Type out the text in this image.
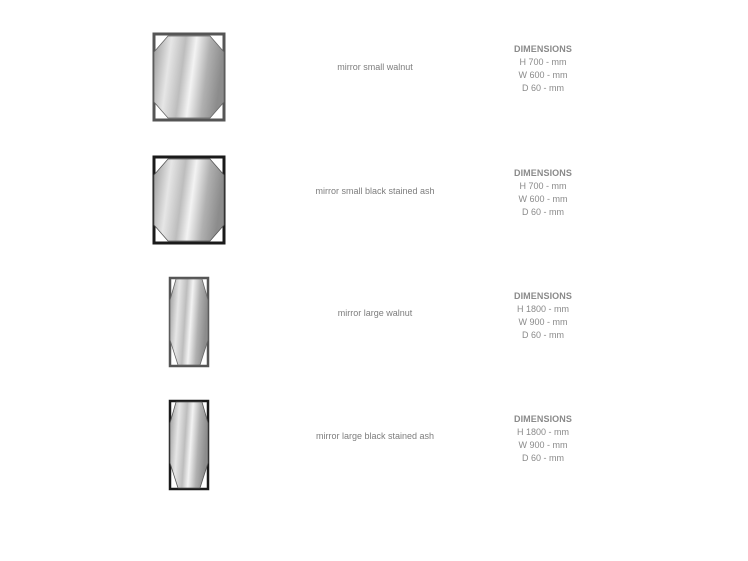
mirror small walnut
DIMENSIONS
H 700 - mm
W 600 - mm
D 60 - mm
mirror small black stained ash
DIMENSIONS
H 700 - mm
W 600 - mm
D 60 - mm
mirror large walnut
DIMENSIONS
H 1800 - mm
W 900 - mm
D 60 - mm
mirror large black stained ash
DIMENSIONS
H 1800 - mm
W 900 - mm
D 60 - mm
